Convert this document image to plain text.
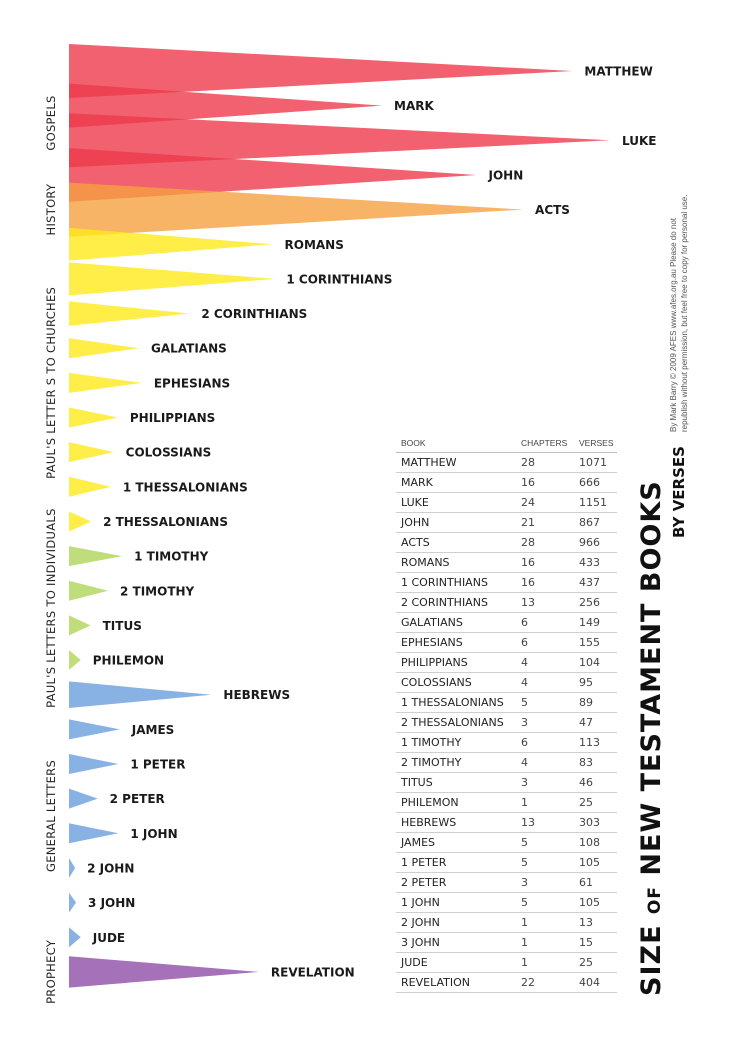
MATTHEW
MARK
LUKE
JOHN
ACTS
ROMANS
1 CORINTHIANS
2 CORINTHIANS
GALATIANS
EPHESIANS
PHILIPPIANS
COLOSSIANS
1 THESSALONIANS
2 THESSALONIANS
1 TIMOTHY
2 TIMOTHY
TITUS
PHILEMON
HEBREWS
JAMES
1 PETER
2 PETER
1 JOHN
2 JOHN
3 JOHN
JUDE
REVELATION
GOSPELS
HISTORY
PAUL'S LETTER S TO CHURCHES
PAUL'S LETTERS TO INDIVIDUALS
GENERAL LETTERS
PROPHECY
BOOK	CHAPTERS	VERSES
MATTHEW	28	1071
MARK	16	666
LUKE	24	1151
JOHN	21	867
ACTS	28	966
ROMANS	16	433
1 CORINTHIANS	16	437
2 CORINTHIANS	13	256
GALATIANS	6	149
EPHESIANS	6	155
PHILIPPIANS	4	104
COLOSSIANS	4	95
1 THESSALONIANS	5	89
2 THESSALONIANS	3	47
1 TIMOTHY	6	113
2 TIMOTHY	4	83
TITUS	3	46
PHILEMON	1	25
HEBREWS	13	303
JAMES	5	108
1 PETER	5	105
2 PETER	3	61
1 JOHN	5	105
2 JOHN	1	13
3 JOHN	1	15
JUDE	1	25
REVELATION	22	404 SIZE OF NEW TESTAMENT BOOKS BY VERSES
By Mark Barry © 2009 AFES www.afes.org.au Please do not republish without permission, but feel free to copy for personal use.
